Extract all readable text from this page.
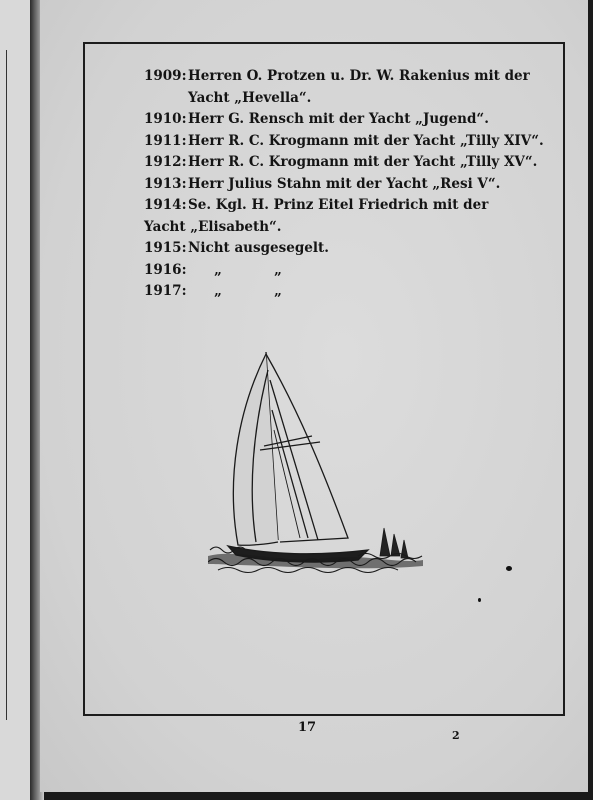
1909:Herren O. Protzen u. Dr. W. Rakenius mit der
Yacht „Hevella“.
1910:Herr G. Rensch mit der Yacht „Jugend“.
1911:Herr R. C. Krogmann mit der Yacht „Tilly XIV“.
1912:Herr R. C. Krogmann mit der Yacht „Tilly XV“.
1913:Herr Julius Stahn mit der Yacht „Resi V“.
1914:Se. Kgl. H. Prinz Eitel Friedrich mit der
Yacht „Elisabeth“.
1915:Nicht ausgesegelt.
1916: „	„
1917: „	„
17
2
